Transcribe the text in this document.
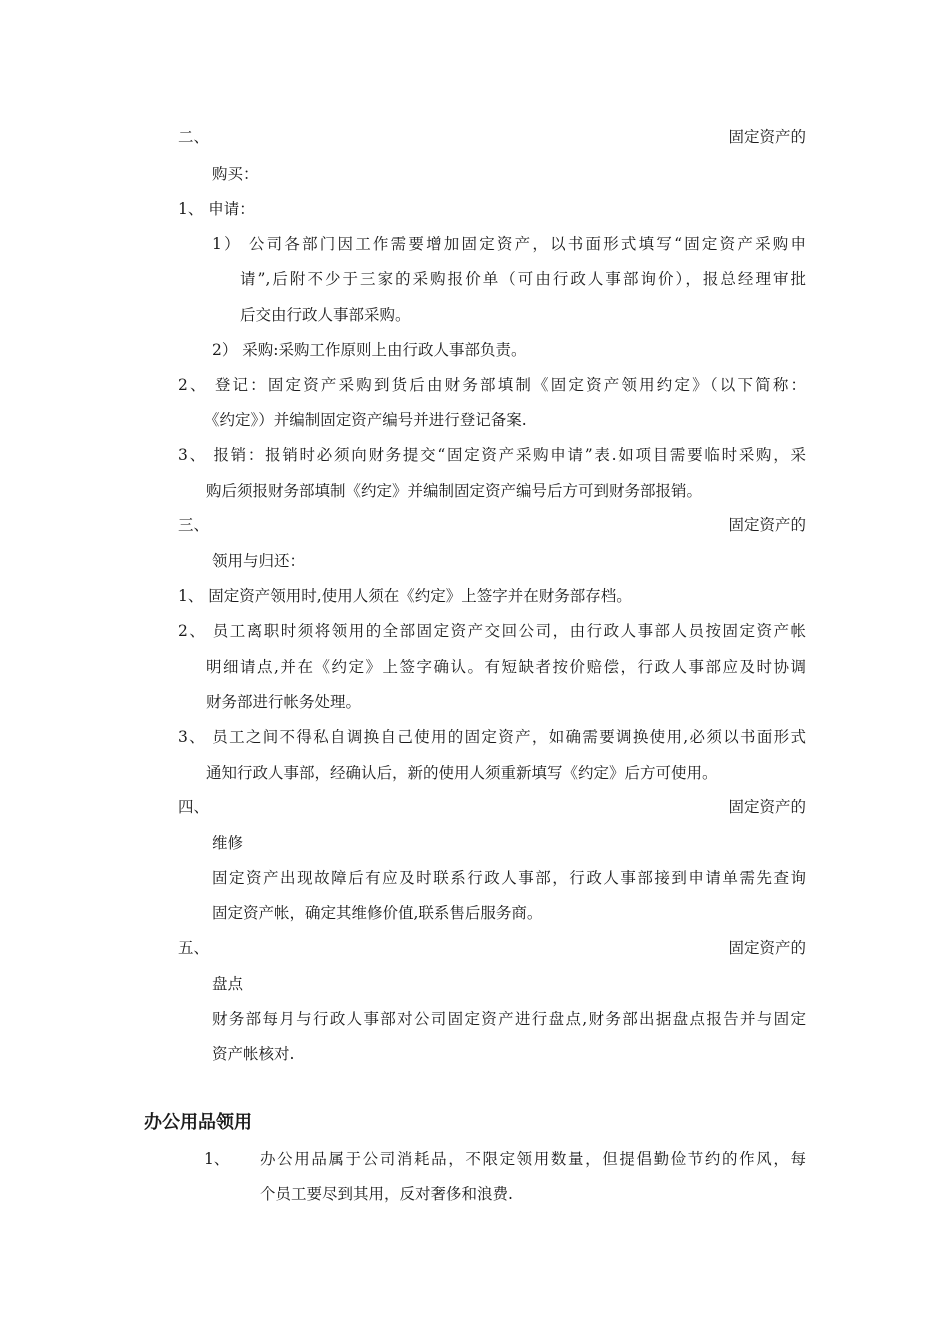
二、	固定资产的
购买：
1、 申请：
1） 公司各部门因工作需要增加固定资产，以书面形式填写“固定资产采购申
请”,后附不少于三家的采购报价单（可由行政人事部询价），报总经理审批
后交由行政人事部采购。
2） 采购:采购工作原则上由行政人事部负责。
2、 登记：固定资产采购到货后由财务部填制《固定资产领用约定》（以下简称：
《约定》）并编制固定资产编号并进行登记备案.
3、 报销：报销时必须向财务提交“固定资产采购申请”表.如项目需要临时采购，采
购后须报财务部填制《约定》并编制固定资产编号后方可到财务部报销。
三、	固定资产的
领用与归还：
1、 固定资产领用时,使用人须在《约定》上签字并在财务部存档。
2、 员工离职时须将领用的全部固定资产交回公司，由行政人事部人员按固定资产帐
明细请点,并在《约定》上签字确认。有短缺者按价赔偿，行政人事部应及时协调
财务部进行帐务处理。
3、 员工之间不得私自调换自己使用的固定资产，如确需要调换使用,必须以书面形式
通知行政人事部，经确认后，新的使用人须重新填写《约定》后方可使用。
四、	固定资产的
维修
固定资产出现故障后有应及时联系行政人事部，行政人事部接到申请单需先查询
固定资产帐，确定其维修价值,联系售后服务商。
五、	固定资产的
盘点
财务部每月与行政人事部对公司固定资产进行盘点,财务部出据盘点报告并与固定
资产帐核对.
办公用品领用
1、 办公用品属于公司消耗品，不限定领用数量，但提倡勤俭节约的作风，每
个员工要尽到其用，反对奢侈和浪费.
